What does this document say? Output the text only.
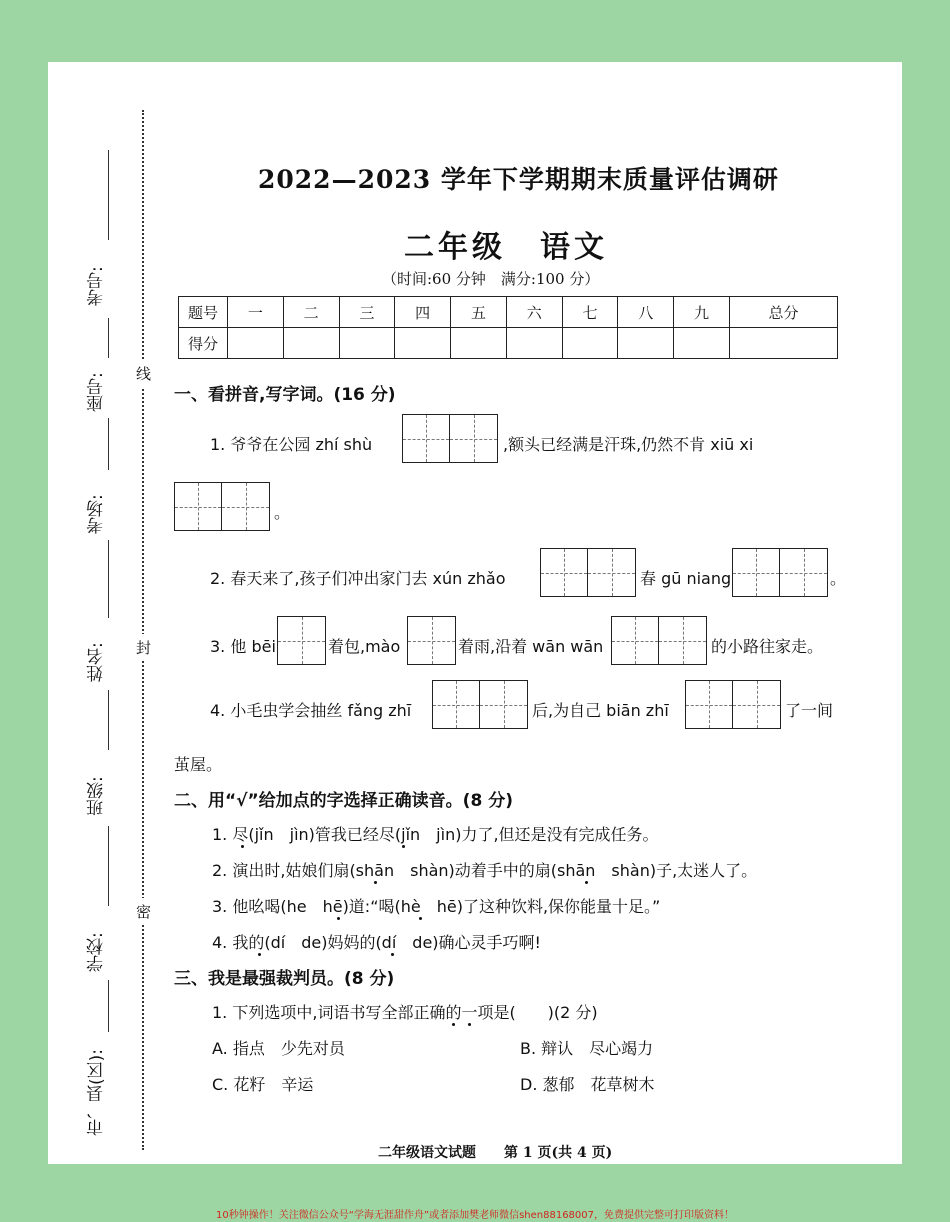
考号:
座号:
考场:
姓名:
班级:
学校:
市、县(区):
线
封
密
2022—2023 学年下学期期末质量评估调研
二年级　语文
（时间:60 分钟　满分:100 分）
题号	一	二	三	四	五	六	七	八	九	总分
得分										
一、看拼音,写字词。(16 分)
1. 爷爷在公园 zhí shù	,额头已经满是汗珠,仍然不肯 xiū xi
。
2. 春天来了,孩子们冲出家门去 xún zhǎo	春 gū niang	。
3. 他 bēi	着包,mào	着雨,沿着 wān wān	的小路往家走。
4. 小毛虫学会抽丝 fǎng zhī	后,为自己 biān zhī	了一间
茧屋。
二、用“√”给加点的字选择正确读音。(8 分)
1. 尽(jǐn　jìn)管我已经尽(jǐn　jìn)力了,但还是没有完成任务。
2. 演出时,姑娘们扇(shān　shàn)动着手中的扇(shān　shàn)子,太迷人了。
3. 他吆喝(he　hē)道:“喝(hè　hē)了这种饮料,保你能量十足。”
4. 我的(dí　de)妈妈的(dí　de)确心灵手巧啊!
三、我是最强裁判员。(8 分)
1. 下列选项中,词语书写全部正确的一项是(　　)(2 分)
A. 指点　少先对员	B. 辩认　尽心竭力
C. 花籽　辛运	D. 葱郁　花草树木
二年级语文试题　　第 1 页(共 4 页)
10秒钟操作！关注微信公众号“学海无涯甜作舟”或者添加樊老师微信shen88168007，免费提供完整可打印版资料！
